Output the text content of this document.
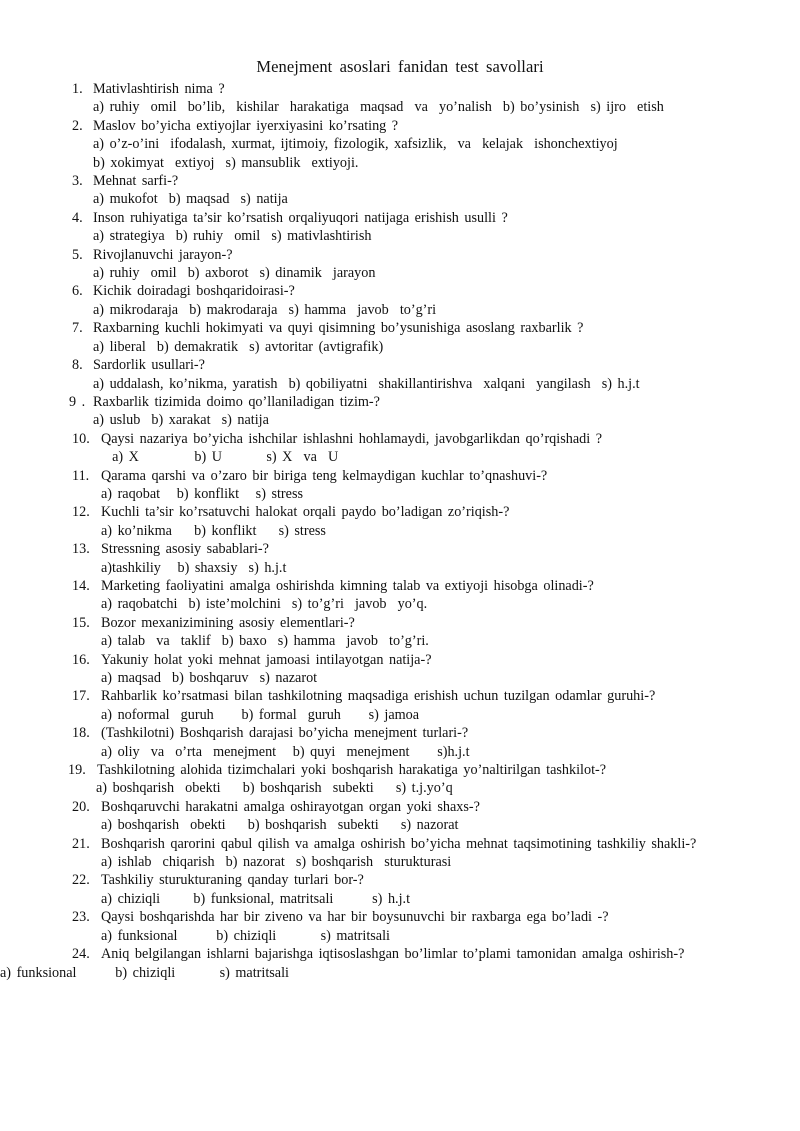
Menejment asoslari fanidan test savollari
1. Mativlashtirish nima ?
a) ruhiy  omil  bo’lib,  kishilar  harakatiga  maqsad  va  yo’nalish  b) bo’ysinish  s) ijro  etish
2. Maslov bo’yicha extiyojlar iyerxiyasini ko’rsating ?
a) o’z-o’ini  ifodalash, xurmat, ijtimoiy, fizologik, xafsizlik,  va  kelajak  ishonchextiyoj
b) xokimyat  extiyoj  s) mansublik  extiyoji.
3. Mehnat sarfi-?
a) mukofot  b) maqsad  s) natija
4. Inson ruhiyatiga ta’sir ko’rsatish orqaliyuqori natijaga erishish usulli ?
a) strategiya  b) ruhiy  omil  s) mativlashtirish
5. Rivojlanuvchi jarayon-?
a) ruhiy  omil  b) axborot  s) dinamik  jarayon
6. Kichik doiradagi boshqaridoirasi-?
a) mikrodaraja  b) makrodaraja  s) hamma  javob  to’g’ri
7. Raxbarning kuchli hokimyati va quyi qisimning bo’ysunishiga asoslang raxbarlik ?
a) liberal  b) demakratik  s) avtoritar (avtigrafik)
8. Sardorlik usullari-?
a) uddalash, ko’nikma, yaratish  b) qobiliyatni  shakillantirishva  xalqani  yangilash  s) h.j.t
9 . Raxbarlik tizimida doimo qo’llaniladigan tizim-?
a) uslub  b) xarakat  s) natija
10. Qaysi nazariya bo’yicha ishchilar ishlashni hohlamaydi, javobgarlikdan qo’rqishadi ?
a) X          b) U        s) X  va  U
11. Qarama qarshi va o’zaro bir biriga teng kelmaydigan kuchlar to’qnashuvi-?
a) raqobat   b) konflikt   s) stress
12. Kuchli ta’sir ko’rsatuvchi halokat orqali paydo bo’ladigan zo’riqish-?
a) ko’nikma    b) konflikt    s) stress
13. Stressning asosiy sabablari-?
a)tashkiliy   b) shaxsiy  s) h.j.t
14. Marketing faoliyatini amalga oshirishda kimning talab va extiyoji hisobga olinadi-?
a) raqobatchi  b) iste’molchini  s) to’g’ri  javob  yo’q.
15. Bozor mexanizimining asosiy elementlari-?
a) talab  va  taklif  b) baxo  s) hamma  javob  to’g’ri.
16. Yakuniy holat yoki mehnat jamoasi intilayotgan natija-?
a) maqsad  b) boshqaruv  s) nazarot
17. Rahbarlik ko’rsatmasi bilan tashkilotning maqsadiga erishish uchun tuzilgan odamlar guruhi-?
a) noformal  guruh     b) formal  guruh     s) jamoa
18. (Tashkilotni) Boshqarish darajasi bo’yicha menejment turlari-?
a) oliy  va  o’rta  menejment   b) quyi  menejment     s)h.j.t
19. Tashkilotning alohida tizimchalari yoki boshqarish harakatiga yo’naltirilgan tashkilot-?
a) boshqarish  obekti    b) boshqarish  subekti    s) t.j.yo’q
20. Boshqaruvchi harakatni amalga oshirayotgan organ yoki shaxs-?
a) boshqarish  obekti    b) boshqarish  subekti    s) nazorat
21. Boshqarish qarorini qabul qilish va amalga oshirish bo’yicha mehnat taqsimotining tashkiliy shakli-?
a) ishlab  chiqarish  b) nazorat  s) boshqarish  sturukturasi
22. Tashkiliy sturukturaning qanday turlari bor-?
a) chiziqli      b) funksional, matritsali       s) h.j.t
23. Qaysi boshqarishda har bir ziveno va har bir boysunuvchi bir raxbarga ega bo’ladi -?
a) funksional       b) chiziqli        s) matritsali
24. Aniq belgilangan ishlarni bajarishga iqtisoslashgan bo’limlar to’plami tamonidan amalga oshirish-?
a) funksional       b) chiziqli        s) matritsali
